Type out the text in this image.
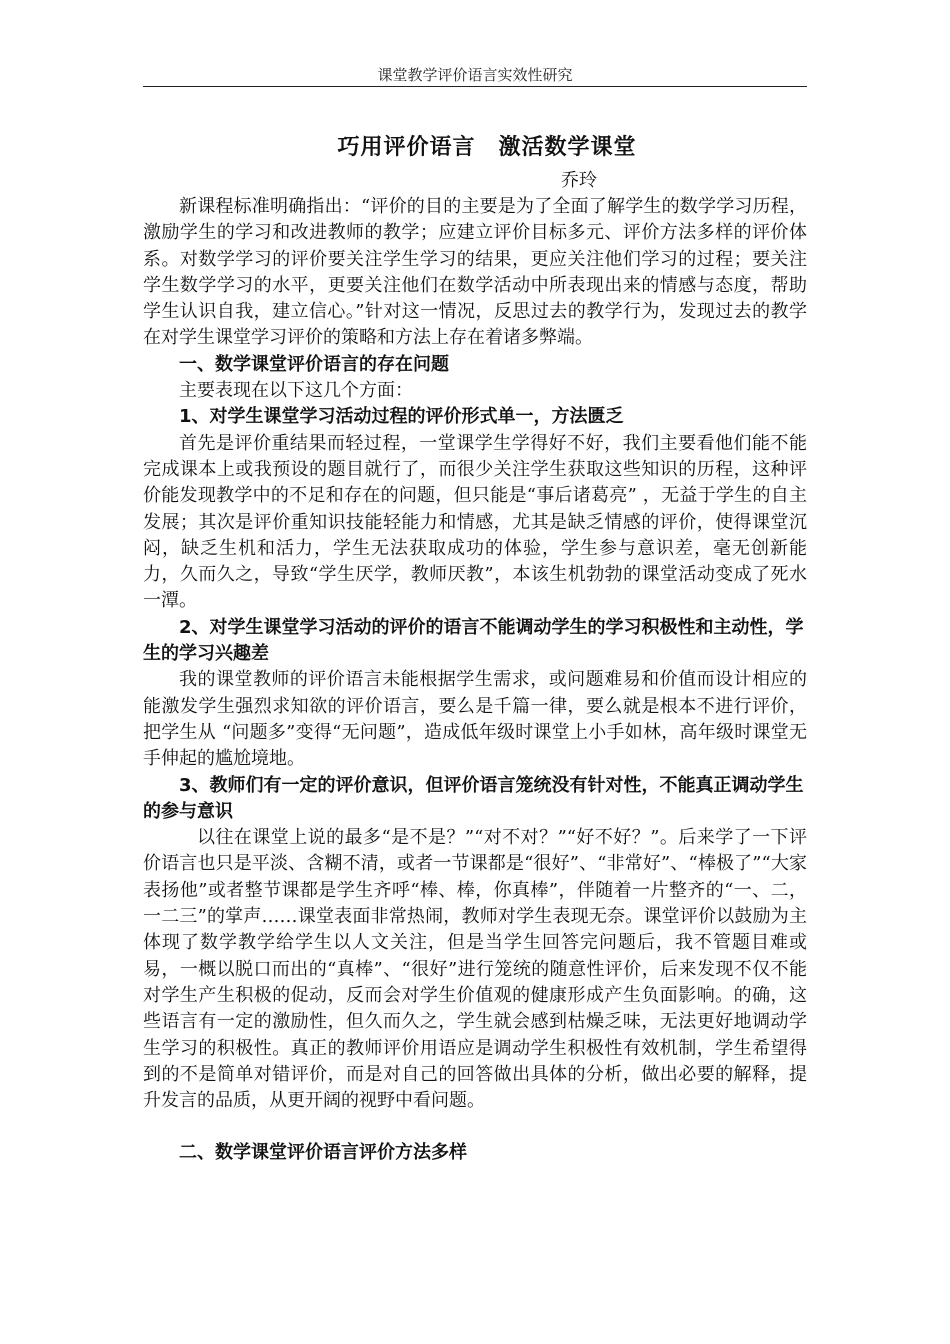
课堂教学评价语言实效性研究
巧用评价语言　激活数学课堂

乔玲

新课程标准明确指出：“评价的目的主要是为了全面了解学生的数学学习历程，激励学生的学习和改进教师的教学；应建立评价目标多元、评价方法多样的评价体系。对数学学习的评价要关注学生学习的结果，更应关注他们学习的过程；要关注学生数学学习的水平，更要关注他们在数学活动中所表现出来的情感与态度，帮助学生认识自我，建立信心。”针对这一情况，反思过去的教学行为，发现过去的教学在对学生课堂学习评价的策略和方法上存在着诸多弊端。

一、数学课堂评价语言的存在问题

主要表现在以下这几个方面：

1、对学生课堂学习活动过程的评价形式单一，方法匮乏

首先是评价重结果而轻过程，一堂课学生学得好不好，我们主要看他们能不能完成课本上或我预设的题目就行了，而很少关注学生获取这些知识的历程，这种评价能发现教学中的不足和存在的问题，但只能是“事后诸葛亮” ，无益于学生的自主发展；其次是评价重知识技能轻能力和情感，尤其是缺乏情感的评价，使得课堂沉闷，缺乏生机和活力，学生无法获取成功的体验，学生参与意识差，毫无创新能力，久而久之，导致“学生厌学，教师厌教”，本该生机勃勃的课堂活动变成了死水一潭。

2、对学生课堂学习活动的评价的语言不能调动学生的学习积极性和主动性，学生的学习兴趣差

我的课堂教师的评价语言未能根据学生需求，或问题难易和价值而设计相应的能激发学生强烈求知欲的评价语言，要么是千篇一律，要么就是根本不进行评价，把学生从 “问题多”变得“无问题”，造成低年级时课堂上小手如林，高年级时课堂无手伸起的尴尬境地。

3、教师们有一定的评价意识，但评价语言笼统没有针对性，不能真正调动学生的参与意识

以往在课堂上说的最多“是不是？”“对不对？”“好不好？”。后来学了一下评价语言也只是平淡、含糊不清，或者一节课都是“很好”、“非常好”、“棒极了”“大家表扬他”或者整节课都是学生齐呼“棒、棒，你真棒”，伴随着一片整齐的“一、二，一二三”的掌声……课堂表面非常热闹，教师对学生表现无奈。课堂评价以鼓励为主体现了数学教学给学生以人文关注，但是当学生回答完问题后，我不管题目难或易，一概以脱口而出的“真棒”、“很好”进行笼统的随意性评价，后来发现不仅不能对学生产生积极的促动，反而会对学生价值观的健康形成产生负面影响。的确，这些语言有一定的激励性，但久而久之，学生就会感到枯燥乏味，无法更好地调动学生学习的积极性。真正的教师评价用语应是调动学生积极性有效机制，学生希望得到的不是简单对错评价，而是对自己的回答做出具体的分析，做出必要的解释，提升发言的品质，从更开阔的视野中看问题。

二、数学课堂评价语言评价方法多样
